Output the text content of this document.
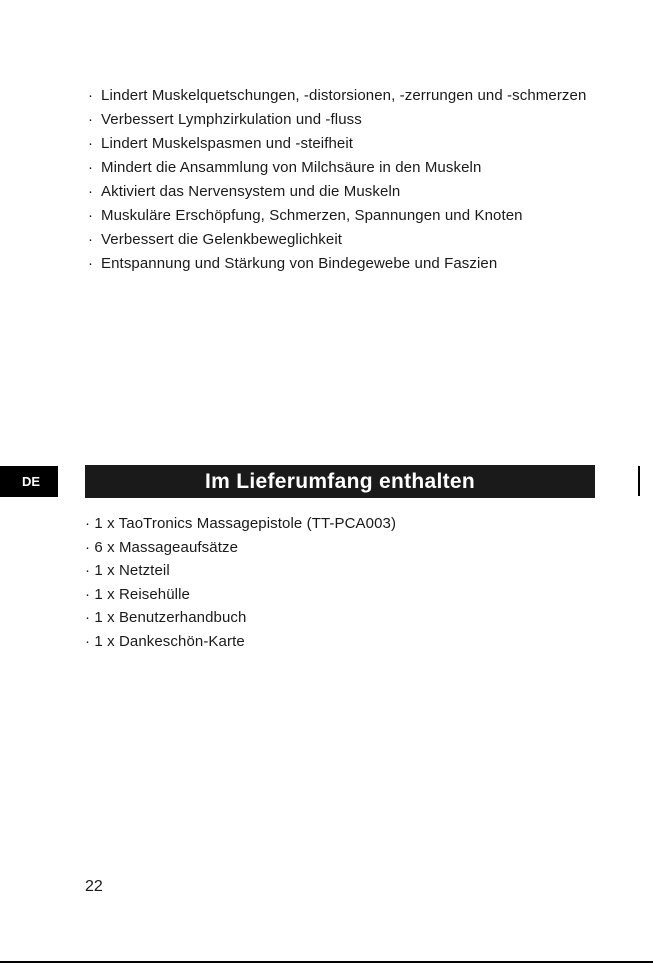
· Lindert Muskelquetschungen, -distorsionen, -zerrungen und -schmerzen
· Verbessert Lymphzirkulation und -fluss
· Lindert Muskelspasmen und -steifheit
· Mindert die Ansammlung von Milchsäure in den Muskeln
· Aktiviert das Nervensystem und die Muskeln
· Muskuläre Erschöpfung, Schmerzen, Spannungen und Knoten
· Verbessert die Gelenkbeweglichkeit
· Entspannung und Stärkung von Bindegewebe und Faszien
DE	Im Lieferumfang enthalten
· 1 x TaoTronics Massagepistole (TT-PCA003)
· 6 x Massageaufsätze
· 1 x Netzteil
· 1 x Reisehülle
· 1 x Benutzerhandbuch
· 1 x Dankeschön-Karte
22
